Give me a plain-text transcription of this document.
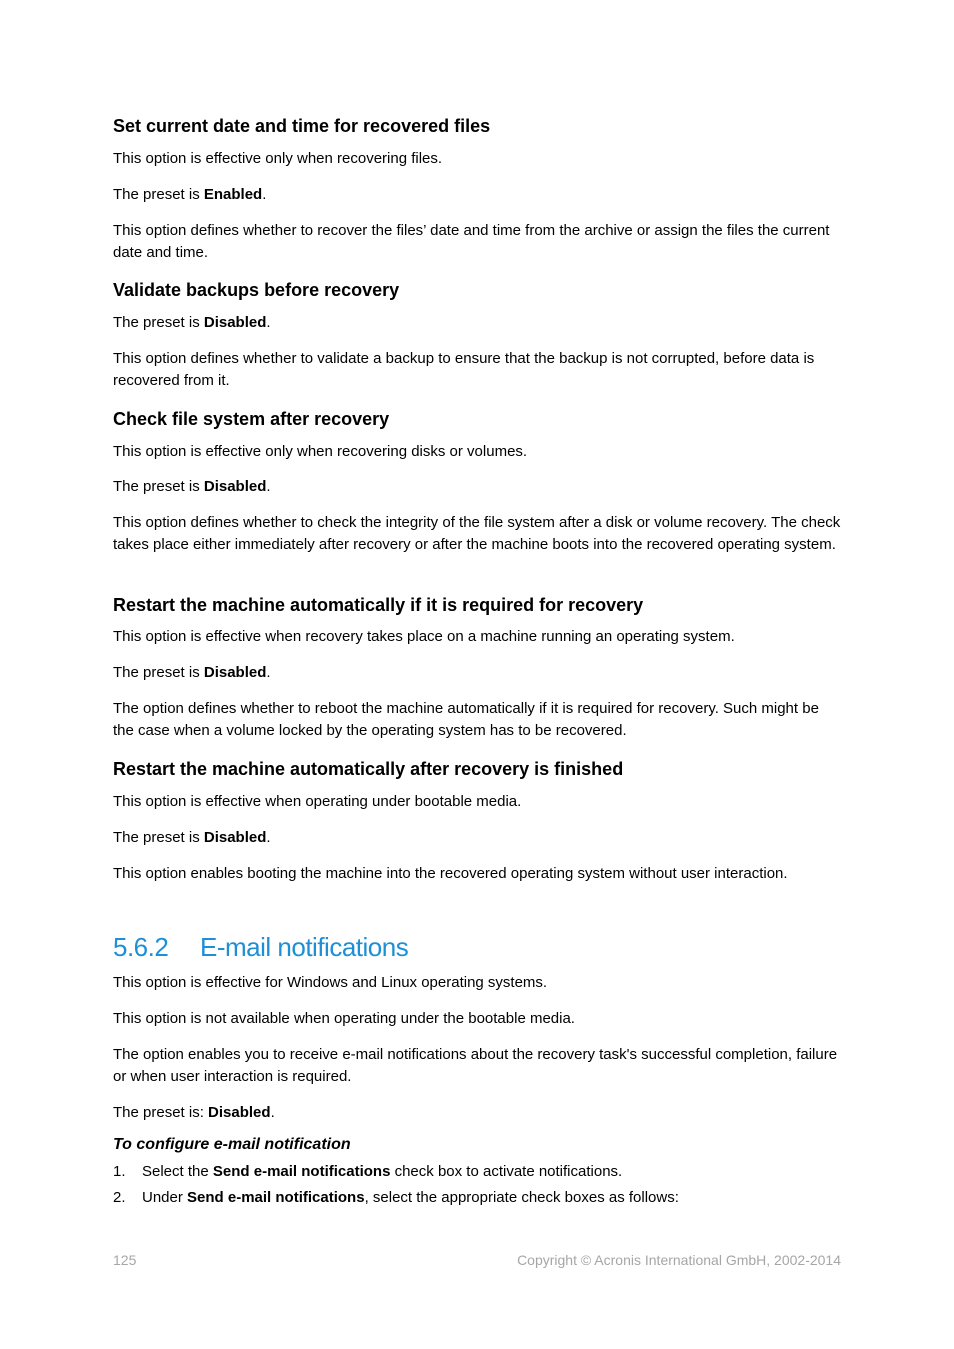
Set current date and time for recovered files

This option is effective only when recovering files.

The preset is Enabled.

This option defines whether to recover the files’ date and time from the archive or assign the files the current date and time.

Validate backups before recovery

The preset is Disabled.

This option defines whether to validate a backup to ensure that the backup is not corrupted, before data is recovered from it.

Check file system after recovery

This option is effective only when recovering disks or volumes.

The preset is Disabled.

This option defines whether to check the integrity of the file system after a disk or volume recovery. The check takes place either immediately after recovery or after the machine boots into the recovered operating system.

Restart the machine automatically if it is required for recovery

This option is effective when recovery takes place on a machine running an operating system.

The preset is Disabled.

The option defines whether to reboot the machine automatically if it is required for recovery. Such might be the case when a volume locked by the operating system has to be recovered.

Restart the machine automatically after recovery is finished

This option is effective when operating under bootable media.

The preset is Disabled.

This option enables booting the machine into the recovered operating system without user interaction.

5.6.2 E-mail notifications

This option is effective for Windows and Linux operating systems.

This option is not available when operating under the bootable media.

The option enables you to receive e-mail notifications about the recovery task's successful completion, failure or when user interaction is required.

The preset is: Disabled.

To configure e-mail notification

1. Select the Send e-mail notifications check box to activate notifications.

2. Under Send e-mail notifications, select the appropriate check boxes as follows:

125	Copyright © Acronis International GmbH, 2002-2014
